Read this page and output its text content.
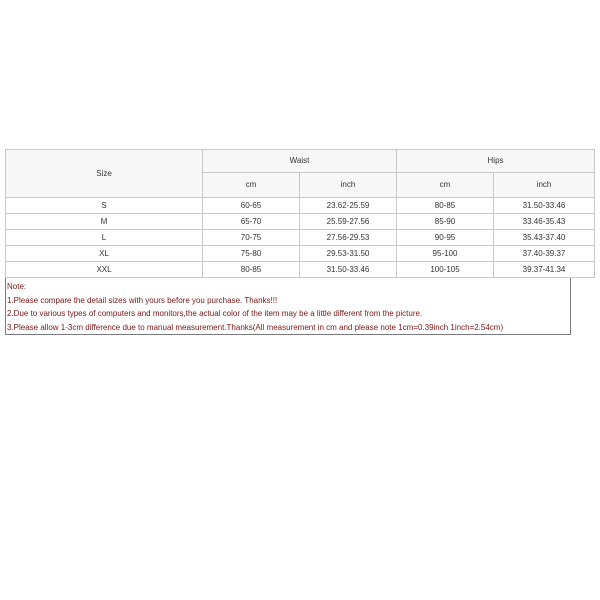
Size	Waist		Hips	
	cm	inch	cm	inch
S	60-65	23.62-25.59	80-85	31.50-33.46
M	65-70	25.59-27.56	85-90	33.46-35.43
L	70-75	27.56-29.53	90-95	35.43-37.40
XL	75-80	29.53-31.50	95-100	37.40-39.37
XXL	80-85	31.50-33.46	100-105	39.37-41.34
Note:
1.Please compare the detail sizes with yours before you purchase. Thanks!!!
2.Due to various types of computers and monitors,the actual color of the item may be a little different from the picture.
3.Please allow 1-3cm difference due to manual measurement.Thanks(All measurement in cm and please note 1cm=0.39inch 1inch=2.54cm)
